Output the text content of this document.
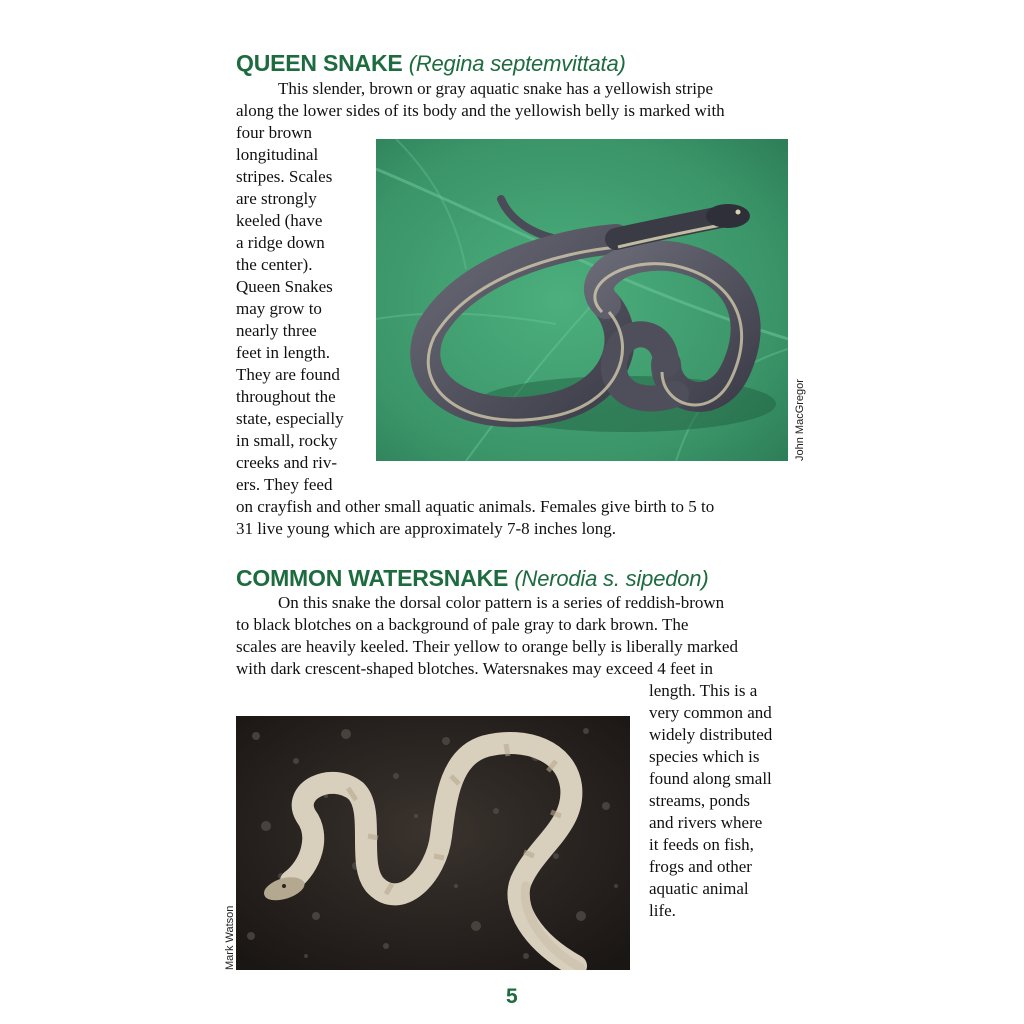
QUEEN SNAKE (Regina septemvittata)

This slender, brown or gray aquatic snake has a yellowish stripe

along the lower sides of its body and the yellowish belly is marked with

four brown

longitudinal

stripes. Scales

are strongly

keeled (have

a ridge down

the center).

Queen Snakes

may grow to

nearly three

feet in length.

They are found

throughout the

state, especially

in small, rocky

creeks and riv-

ers. They feed

on crayfish and other small aquatic animals. Females give birth to 5 to

31 live young which are approximately 7-8 inches long.

John MacGregor
COMMON WATERSNAKE (Nerodia s. sipedon)

On this snake the dorsal color pattern is a series of reddish-brown

to black blotches on a background of pale gray to dark brown. The

scales are heavily keeled. Their yellow to orange belly is liberally marked

with dark crescent-shaped blotches. Watersnakes may exceed 4 feet in

length. This is a

very common and

widely distributed

species which is

found along small

streams, ponds

and rivers where

it feeds on fish,

frogs and other

aquatic animal

life.

Mark Watson

5
